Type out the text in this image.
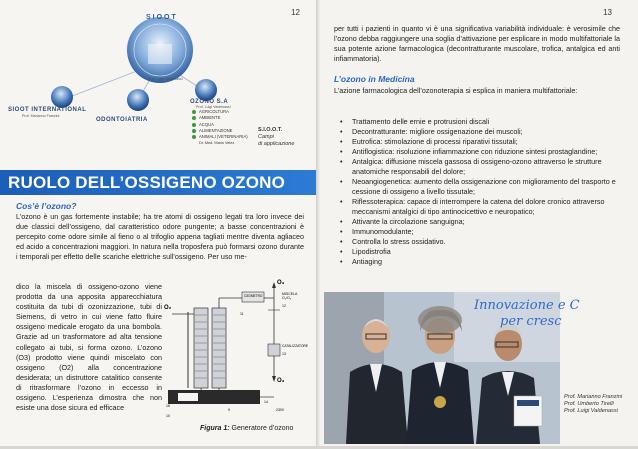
12
SIOOT
Prof. Luigi Valdenassi
SIOOT INTERNATIONAL
Prof. Marianno Franzini
ODONTOIATRIA
OZONO S.A
Prof. Luigi Valdenassi
AGRICOLTURA
AMBIENTE
ACQUA
ALIMENTAZIONE
ANIMALI (VETERINARIA)
Dr. Med. Mario Velez
S.I.O.O.T.
Campi
di applicazione
RUOLO DELL’OSSIGENO OZONO
Cos’è l’ozono?
L’ozono è un gas fortemente instabile; ha tre atomi di ossigeno legati tra loro invece dei due classici dell’ossigeno, dal caratteristico odore pungente; a basse concentrazioni è percepito come odore simile al fieno o al trifoglio appena tagliati mentre diventa agliaceo ed acido a concentrazioni maggiori. In natura nella troposfera può formarsi ozono durante i temporali per effetto delle scariche elettriche sull’ossigeno. Per uso me-
dico la miscela di ossigeno-ozono viene prodotta da una apposita apparecchiatura costituita da tubi di ozonizzazione, tubi di Siemens, di vetro in cui viene fatto fluire ossigeno medicale erogato da una bombola. Grazie ad un trasformatore ad alta tensione collegato ai tubi, si forma ozono. L’ozono (O3) prodotto viene quindi miscelato con ossigeno (O2) alla concentrazione desiderata; un distruttore catalitico consente di ritrasformare l’ozono in eccesso in ossigeno. L’esperienza dimostra che non esiste una dose sicura ed efficace
O₃
O₂
O₃
MISCELA
O₂/O₃
CATALIZZATORE
OZOMETRO
12
13
14
11
16
10
9	230V
Figura 1: Generatore d’ozono
13
per tutti i pazienti in quanto vi è una significativa variabilità individuale: è verosimile che l’ozono debba raggiungere una soglia d’attivazione per esplicare in modo multifattoriale la sua potente azione farmacologica (decontratturante muscolare, trofica, antalgica ed anti infiammatoria).
L’ozono in Medicina
L’azione farmacologica dell’ozonoterapia si esplica in maniera multifattoriale:
• Trattamento delle ernie e protrusioni discali
• Decontratturante: migliore ossigenazione dei muscoli;
• Eutrofica: stimolazione di processi riparativi tissutali;
• Antiflogistica: risoluzione infiammazione con riduzione sintesi prostaglandine;
• Antalgica: diffusione miscela gassosa di ossigeno-ozono attraverso le strutture anatomiche responsabili del dolore;
• Neoangiogenetica: aumento della ossigenazione con miglioramento del trasporto e cessione di ossigeno a livello tissutale;
• Riflessoterapica: capace di interrompere la catena del dolore cronico attraverso meccanismi antalgici di tipo antinocicettivo e neuropatico;
• Attivante la circolazione sanguigna;
• Immunomodulante;
• Controlla lo stress ossidativo.
• Lipodistrofia
• Antiaging
Innovazione e C
per cresc
Prof. Marianno Franzini
Prof. Umberto Tirelli
Prof. Luigi Valdenassi
